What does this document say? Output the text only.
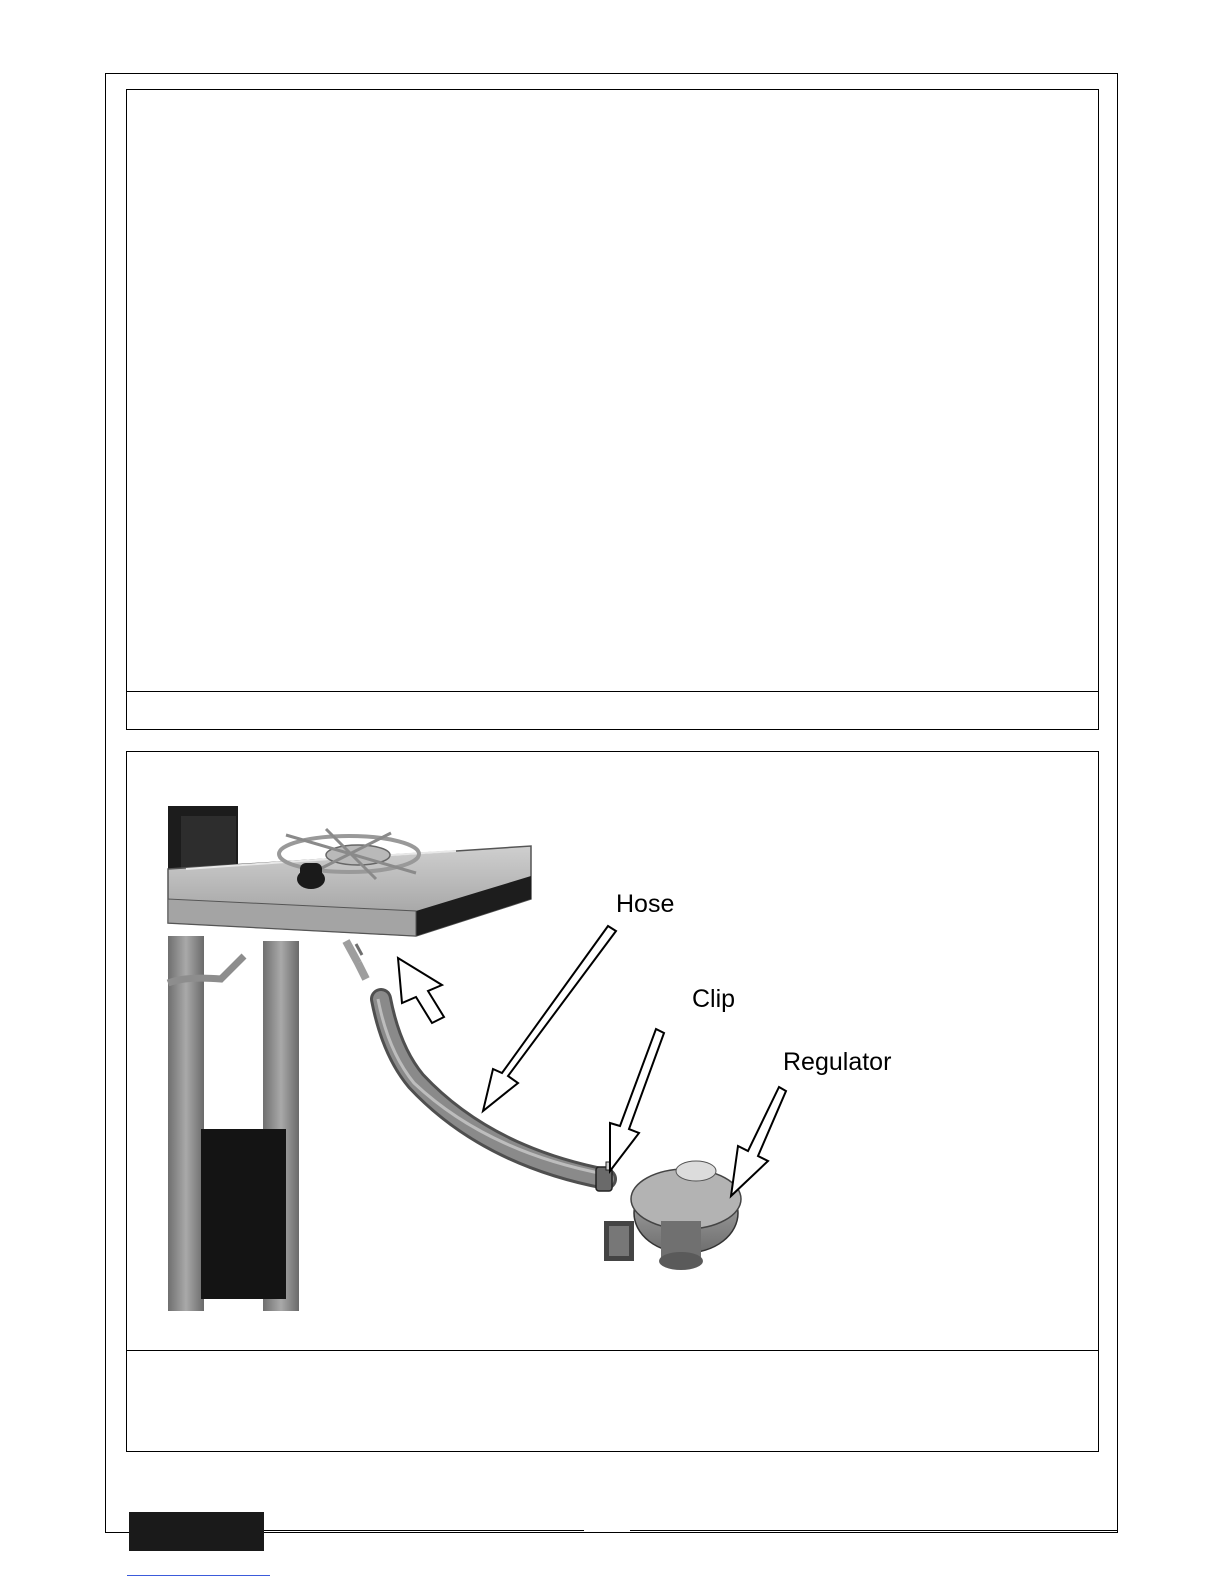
Hose
Clip
Regulator
